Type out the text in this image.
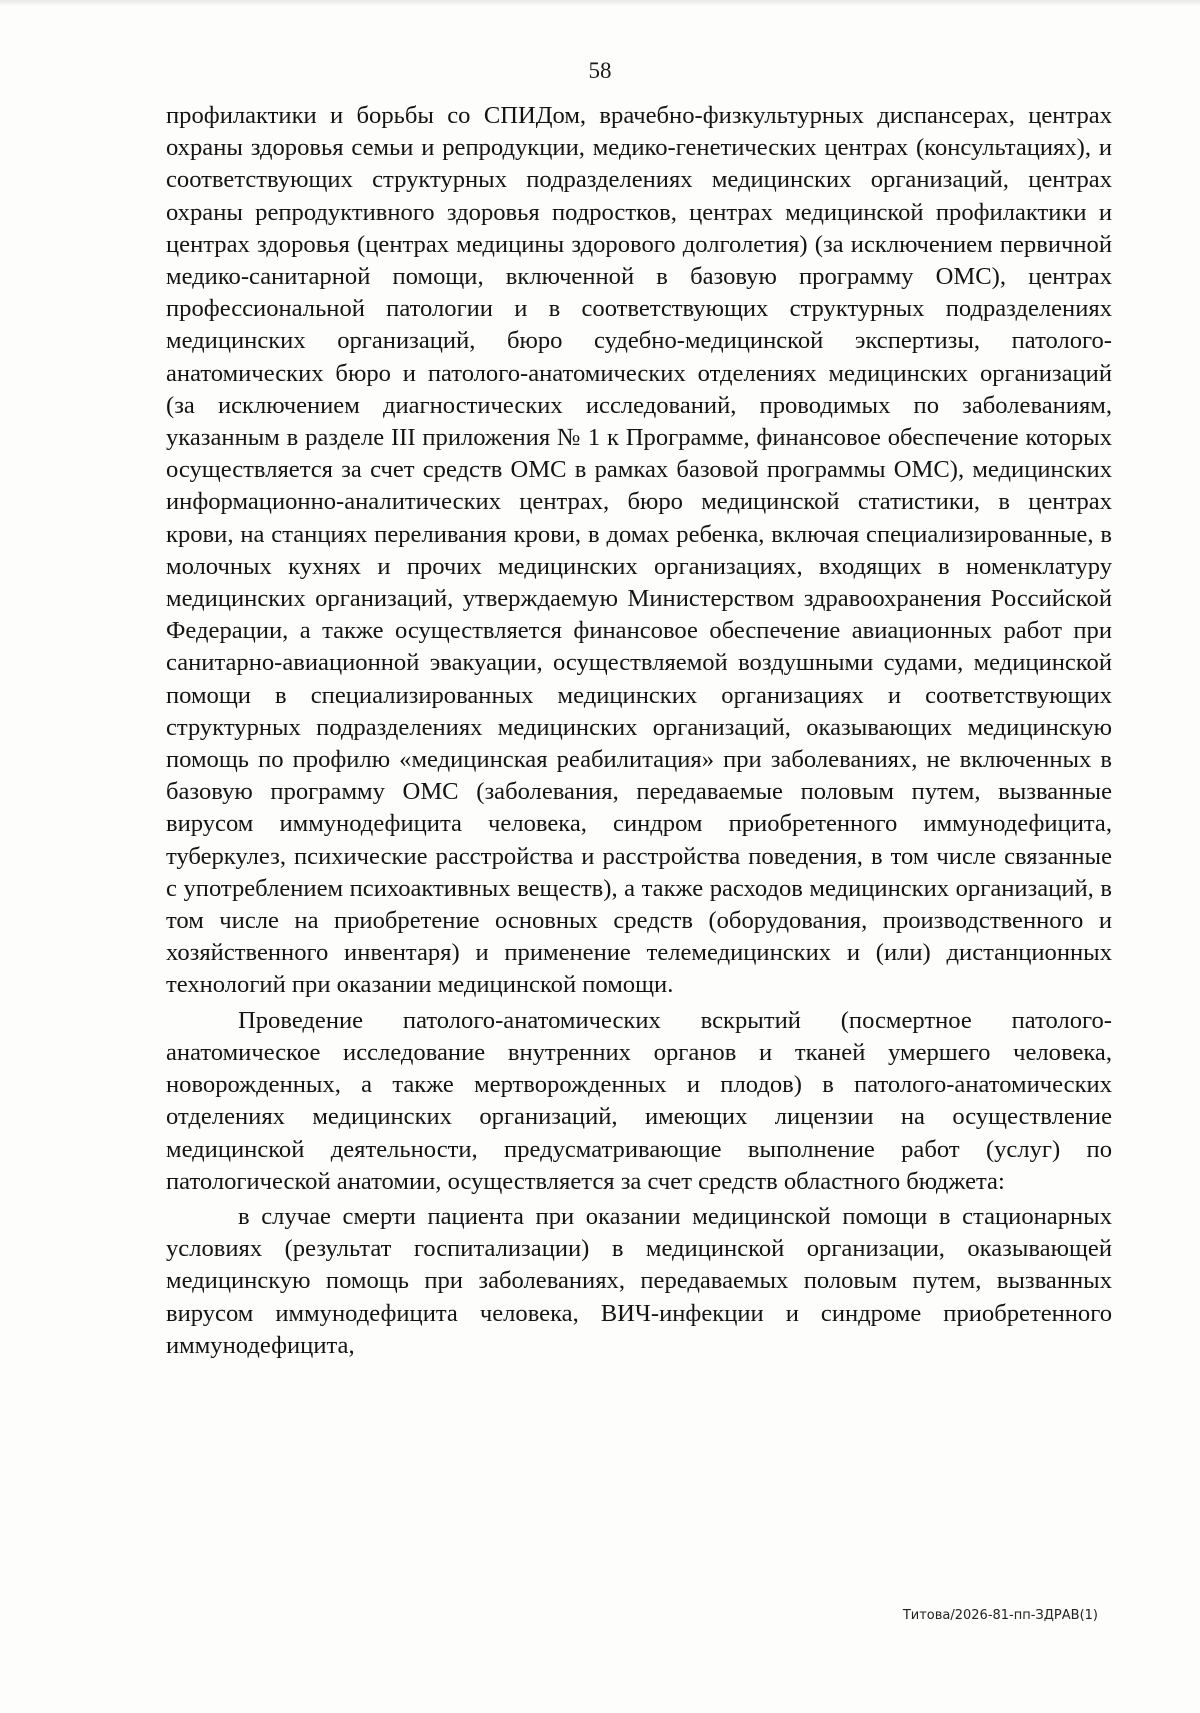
58

профилактики и борьбы со СПИДом, врачебно-физкультурных диспансерах, центрах охраны здоровья семьи и репродукции, медико-генетических центрах (консультациях), и соответствующих структурных подразделениях медицинских организаций, центрах охраны репродуктивного здоровья подростков, центрах медицинской профилактики и центрах здоровья (центрах медицины здорового долголетия) (за исключением первичной медико-санитарной помощи, включенной в базовую программу ОМС), центрах профессиональной патологии и в соответствующих структурных подразделениях медицинских организаций, бюро судебно-медицинской экспертизы, патолого-анатомических бюро и патолого-анатомических отделениях медицинских организаций (за исключением диагностических исследований, проводимых по заболеваниям, указанным в разделе III приложения № 1 к Программе, финансовое обеспечение которых осуществляется за счет средств ОМС в рамках базовой программы ОМС), медицинских информационно-аналитических центрах, бюро медицинской статистики, в центрах крови, на станциях переливания крови, в домах ребенка, включая специализированные, в молочных кухнях и прочих медицинских организациях, входящих в номенклатуру медицинских организаций, утверждаемую Министерством здравоохранения Российской Федерации, а также осуществляется финансовое обеспечение авиационных работ при санитарно-авиационной эвакуации, осуществляемой воздушными судами, медицинской помощи в специализированных медицинских организациях и соответствующих структурных подразделениях медицинских организаций, оказывающих медицинскую помощь по профилю «медицинская реабилитация» при заболеваниях, не включенных в базовую программу ОМС (заболевания, передаваемые половым путем, вызванные вирусом иммунодефицита человека, синдром приобретенного иммунодефицита, туберкулез, психические расстройства и расстройства поведения, в том числе связанные с употреблением психоактивных веществ), а также расходов медицинских организаций, в том числе на приобретение основных средств (оборудования, производственного и хозяйственного инвентаря) и применение телемедицинских и (или) дистанционных технологий при оказании медицинской помощи.

Проведение патолого-анатомических вскрытий (посмертное патолого-анатомическое исследование внутренних органов и тканей умершего человека, новорожденных, а также мертворожденных и плодов) в патолого-анатомических отделениях медицинских организаций, имеющих лицензии на осуществление медицинской деятельности, предусматривающие выполнение работ (услуг) по патологической анатомии, осуществляется за счет средств областного бюджета:

в случае смерти пациента при оказании медицинской помощи в стационарных условиях (результат госпитализации) в медицинской организации, оказывающей медицинскую помощь при заболеваниях, передаваемых половым путем, вызванных вирусом иммунодефицита человека, ВИЧ-инфекции и синдроме приобретенного иммунодефицита,

Титова/2026-81-пп-ЗДРАВ(1)
